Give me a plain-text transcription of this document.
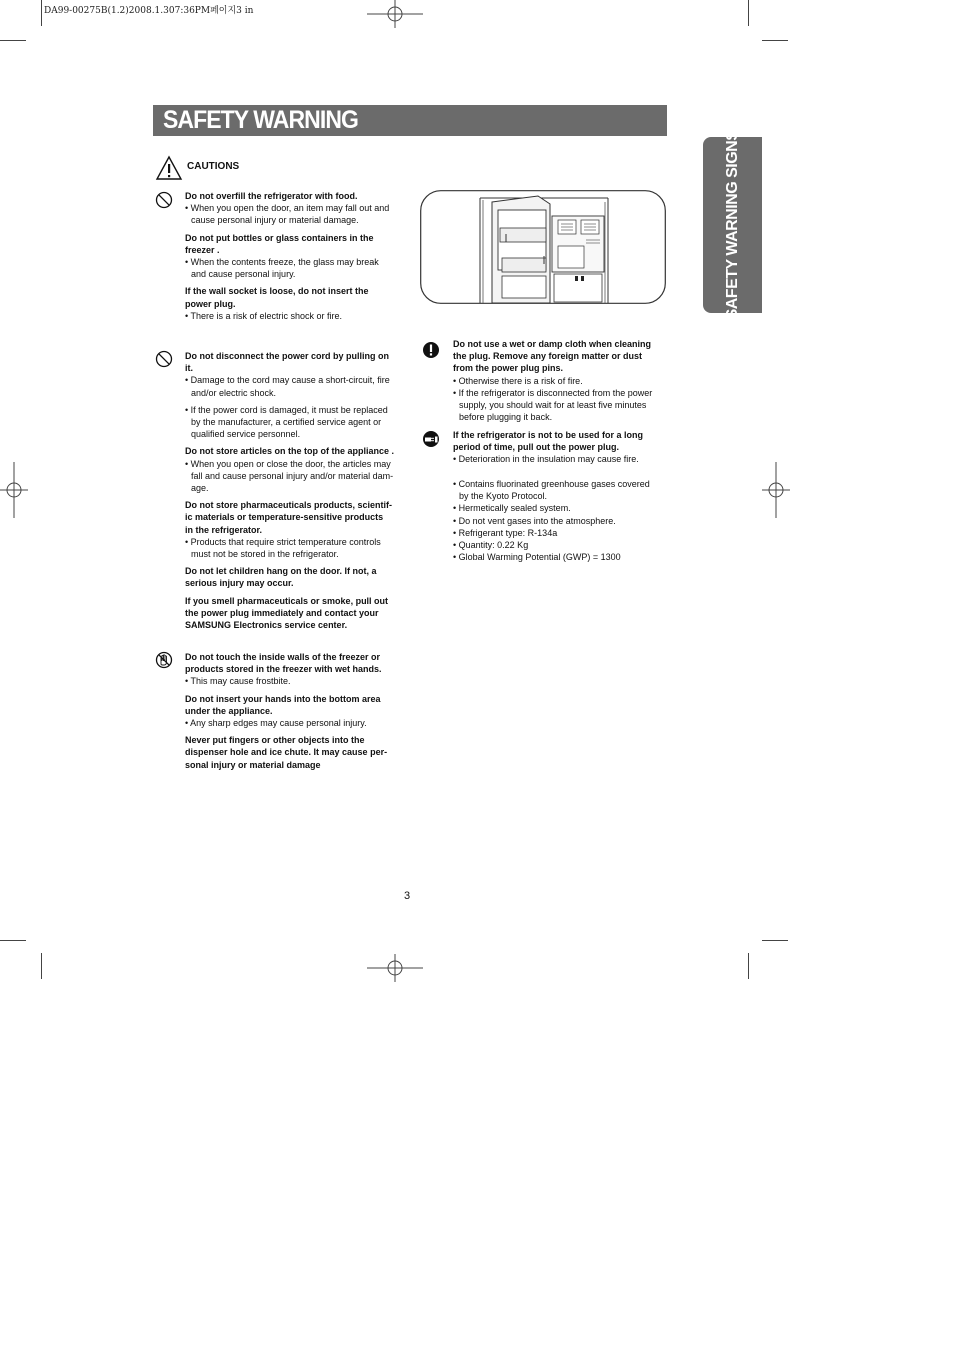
DA99-00275B(1.2)2008.1.307:36PM페이지3 in
SAFETY WARNING
SAFETY WARNING SIGNS
CAUTIONS

Do not overfill the refrigerator with food.

• When you open the door, an item may fall out and
cause personal injury or material damage.

Do not put bottles or glass containers in the
freezer .

• When the contents freeze, the glass may break
and cause personal injury.

If the wall socket is loose, do not insert the
power plug.

• There is a risk of electric shock or fire.

Do not disconnect the power cord by pulling on
it.

• Damage to the cord may cause a short-circuit, fire
and/or electric shock.

• If the power cord is damaged, it must be replaced
by the manufacturer, a certified service agent or
qualified service personnel.

Do not store articles on the top of the appliance .

• When you open or close the door, the articles may
fall and cause personal injury and/or material dam-
age.

Do not store pharmaceuticals products, scientif-
ic materials or temperature-sensitive products
in the refrigerator.

• Products that require strict temperature controls
must not be stored in the refrigerator.

Do not let children hang on the door. If not, a
serious injury may occur.

If you smell pharmaceuticals or smoke, pull out
the power plug immediately and contact your
SAMSUNG Electronics service center.

Do not touch the inside walls of the freezer or
products stored in the freezer with wet hands.

• This may cause frostbite.

Do not insert your hands into the bottom area
under the appliance.

• Any sharp edges may cause personal injury.

Never put fingers or other objects into the
dispenser hole and ice chute. It may cause per-
sonal injury or material damage

Do not use a wet or damp cloth when cleaning
the plug. Remove any foreign matter or dust
from the power plug pins.

• Otherwise there is a risk of fire.

• If the refrigerator is disconnected from the power
supply, you should wait for at least five minutes
before plugging it back.

If the refrigerator is not to be used for a long
period of time, pull out the power plug.

• Deterioration in the insulation may cause fire.

• Contains fluorinated greenhouse gases covered
by the Kyoto Protocol.

• Hermetically sealed system.

• Do not vent gases into the atmosphere.

• Refrigerant type: R-134a

• Quantity: 0.22 Kg

• Global Warming Potential (GWP) = 1300

3
